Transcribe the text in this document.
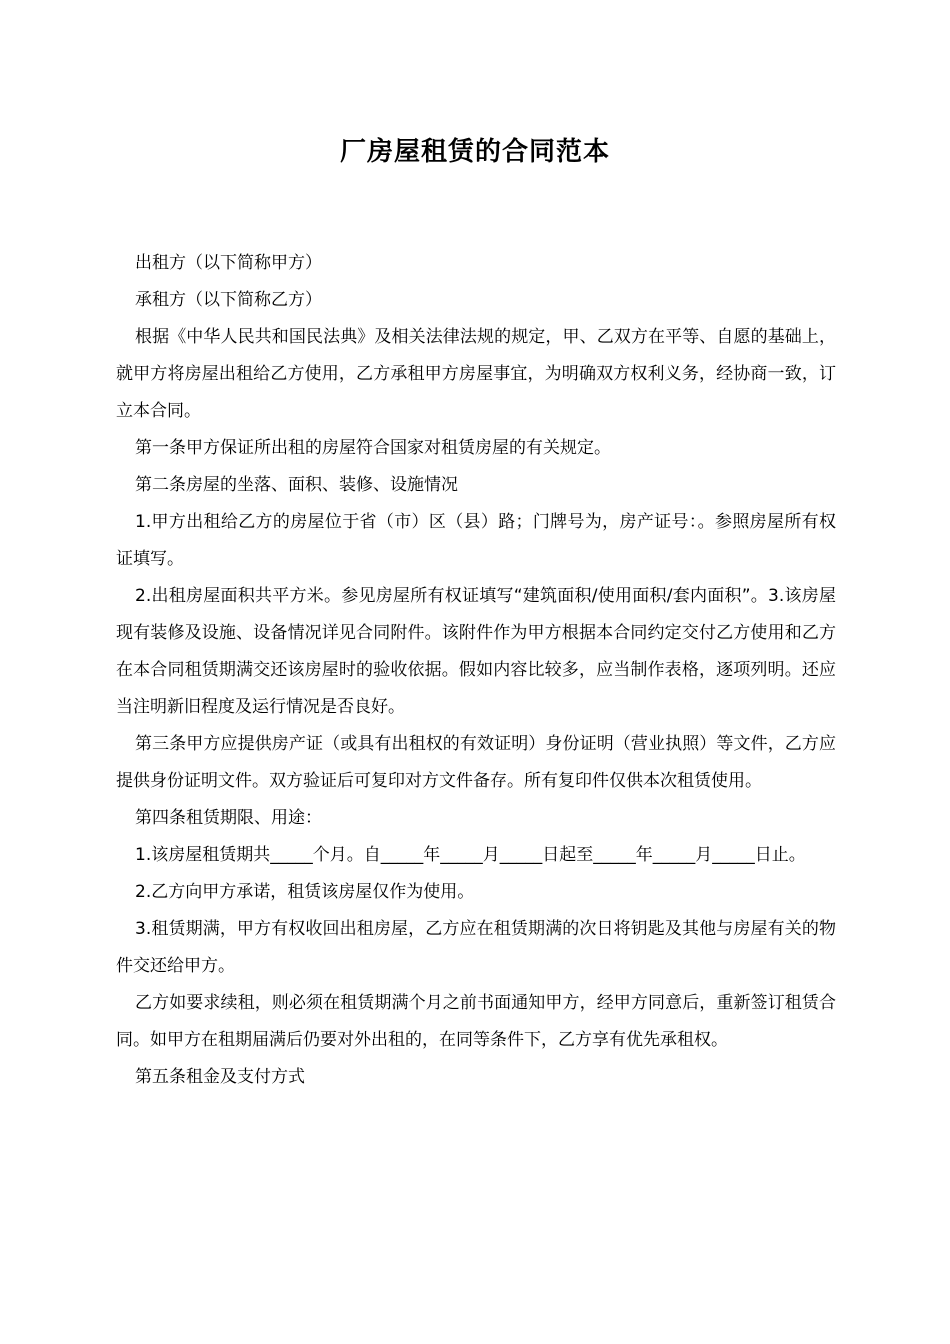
厂房屋租赁的合同范本

出租方（以下简称甲方）

承租方（以下简称乙方）

根据《中华人民共和国民法典》及相关法律法规的规定，甲、乙双方在平等、自愿的基础上，就甲方将房屋出租给乙方使用，乙方承租甲方房屋事宜，为明确双方权利义务，经协商一致，订立本合同。

第一条甲方保证所出租的房屋符合国家对租赁房屋的有关规定。

第二条房屋的坐落、面积、装修、设施情况

1.甲方出租给乙方的房屋位于省（市）区（县）路；门牌号为，房产证号：。参照房屋所有权证填写。

2.出租房屋面积共平方米。参见房屋所有权证填写“建筑面积/使用面积/套内面积”。3.该房屋现有装修及设施、设备情况详见合同附件。该附件作为甲方根据本合同约定交付乙方使用和乙方在本合同租赁期满交还该房屋时的验收依据。假如内容比较多，应当制作表格，逐项列明。还应当注明新旧程度及运行情况是否良好。

第三条甲方应提供房产证（或具有出租权的有效证明）身份证明（营业执照）等文件，乙方应提供身份证明文件。双方验证后可复印对方文件备存。所有复印件仅供本次租赁使用。

第四条租赁期限、用途：

1.该房屋租赁期共_____个月。自_____年_____月_____日起至_____年_____月_____日止。

2.乙方向甲方承诺，租赁该房屋仅作为使用。

3.租赁期满，甲方有权收回出租房屋，乙方应在租赁期满的次日将钥匙及其他与房屋有关的物件交还给甲方。

乙方如要求续租，则必须在租赁期满个月之前书面通知甲方，经甲方同意后，重新签订租赁合同。如甲方在租期届满后仍要对外出租的，在同等条件下，乙方享有优先承租权。

第五条租金及支付方式
